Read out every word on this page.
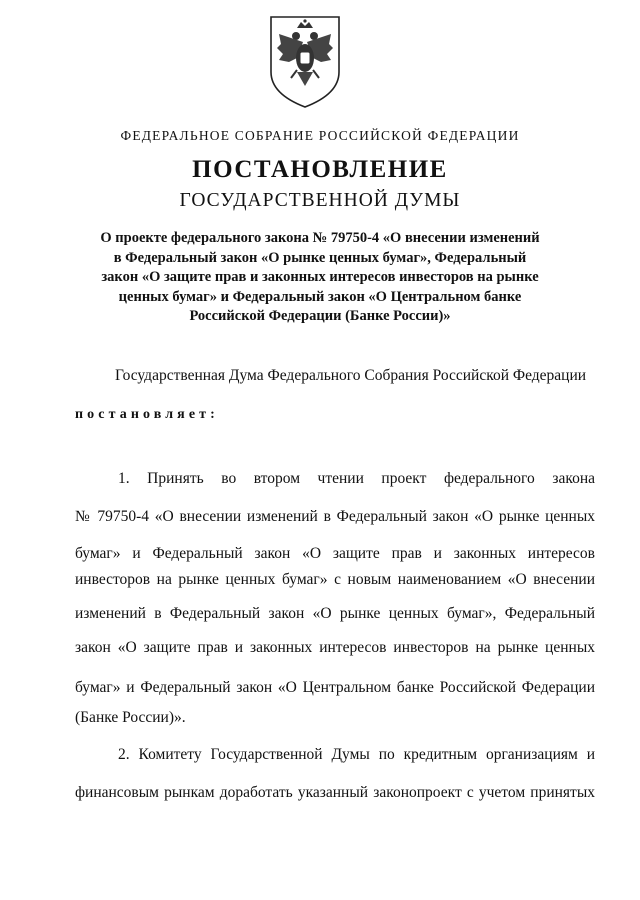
ФЕДЕРАЛЬНОЕ СОБРАНИЕ РОССИЙСКОЙ ФЕДЕРАЦИИ
ПОСТАНОВЛЕНИЕ
ГОСУДАРСТВЕННОЙ ДУМЫ
О проекте федерального закона № 79750-4 «О внесении изменений
в Федеральный закон «О рынке ценных бумаг», Федеральный
закон «О защите прав и законных интересов инвесторов на рынке
ценных бумаг» и Федеральный закон «О Центральном банке
Российской Федерации (Банке России)»
Государственная Дума Федерального Собрания Российской Федерации
постановляет:
1. Принять во втором чтении проект федерального закона
№ 79750-4 «О внесении изменений в Федеральный закон «О рынке ценных
бумаг» и Федеральный закон «О защите прав и законных интересов
инвесторов на рынке ценных бумаг» с новым наименованием «О внесении
изменений в Федеральный закон «О рынке ценных бумаг», Федеральный
закон «О защите прав и законных интересов инвесторов на рынке ценных
бумаг» и Федеральный закон «О Центральном банке Российской Федерации
(Банке России)».
2. Комитету Государственной Думы по кредитным организациям и
финансовым рынкам доработать указанный законопроект с учетом принятых
